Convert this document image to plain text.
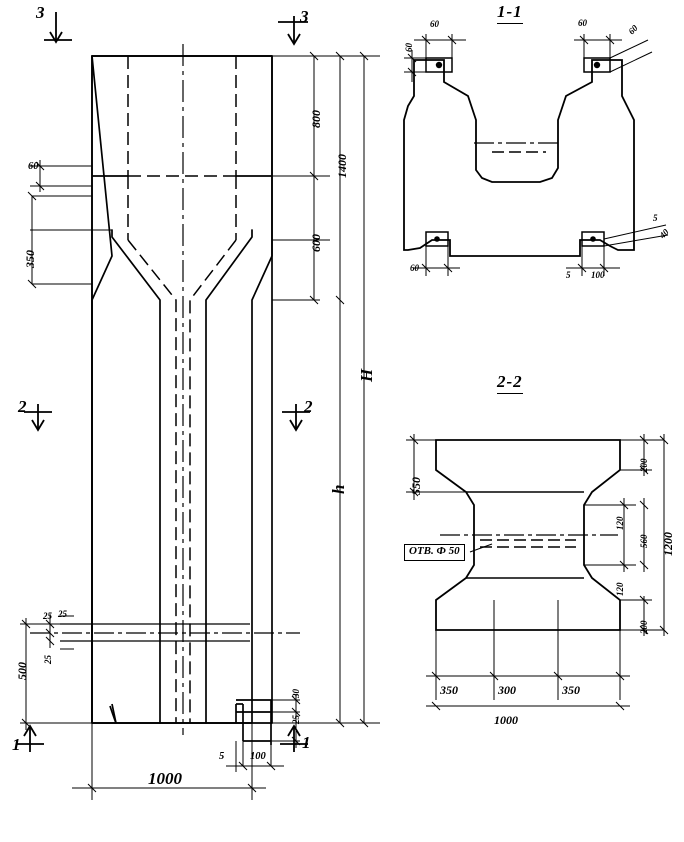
1-1
2-2
3	3
2	2
1	1
800
1400
600
60
350
H
h
25 25
25
500
30
25
5 100
1000
60
60
60	60
5
40
60
5 100
550
200
120
560 1200
120
200
350	300	350
1000
ОТВ. Ф 50
